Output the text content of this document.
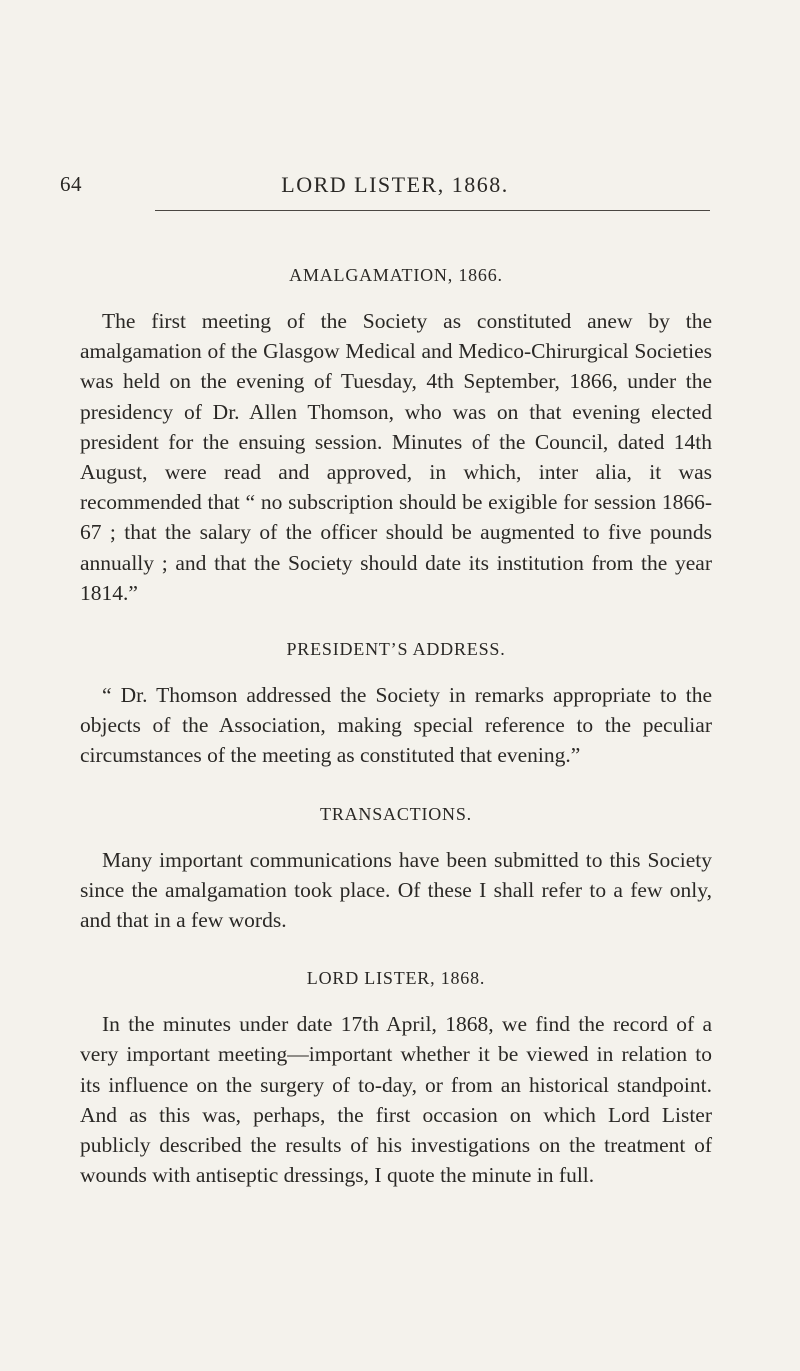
64	LORD LISTER, 1868.
AMALGAMATION, 1866.

The first meeting of the Society as constituted anew by the amalgamation of the Glasgow Medical and Medico-Chirurgical Societies was held on the evening of Tuesday, 4th September, 1866, under the presidency of Dr. Allen Thomson, who was on that evening elected president for the ensuing session. Minutes of the Council, dated 14th August, were read and approved, in which, inter alia, it was recommended that “ no subscription should be exigible for session 1866-67 ; that the salary of the officer should be augmented to five pounds annually ; and that the Society should date its institution from the year 1814.”

PRESIDENT’S ADDRESS.

“ Dr. Thomson addressed the Society in remarks appropriate to the objects of the Association, making special reference to the peculiar circumstances of the meeting as constituted that evening.”

TRANSACTIONS.

Many important communications have been submitted to this Society since the amalgamation took place. Of these I shall refer to a few only, and that in a few words.

LORD LISTER, 1868.

In the minutes under date 17th April, 1868, we find the record of a very important meeting—important whether it be viewed in relation to its influence on the surgery of to-day, or from an historical standpoint. And as this was, perhaps, the first occasion on which Lord Lister publicly described the results of his investigations on the treatment of wounds with antiseptic dressings, I quote the minute in full.
